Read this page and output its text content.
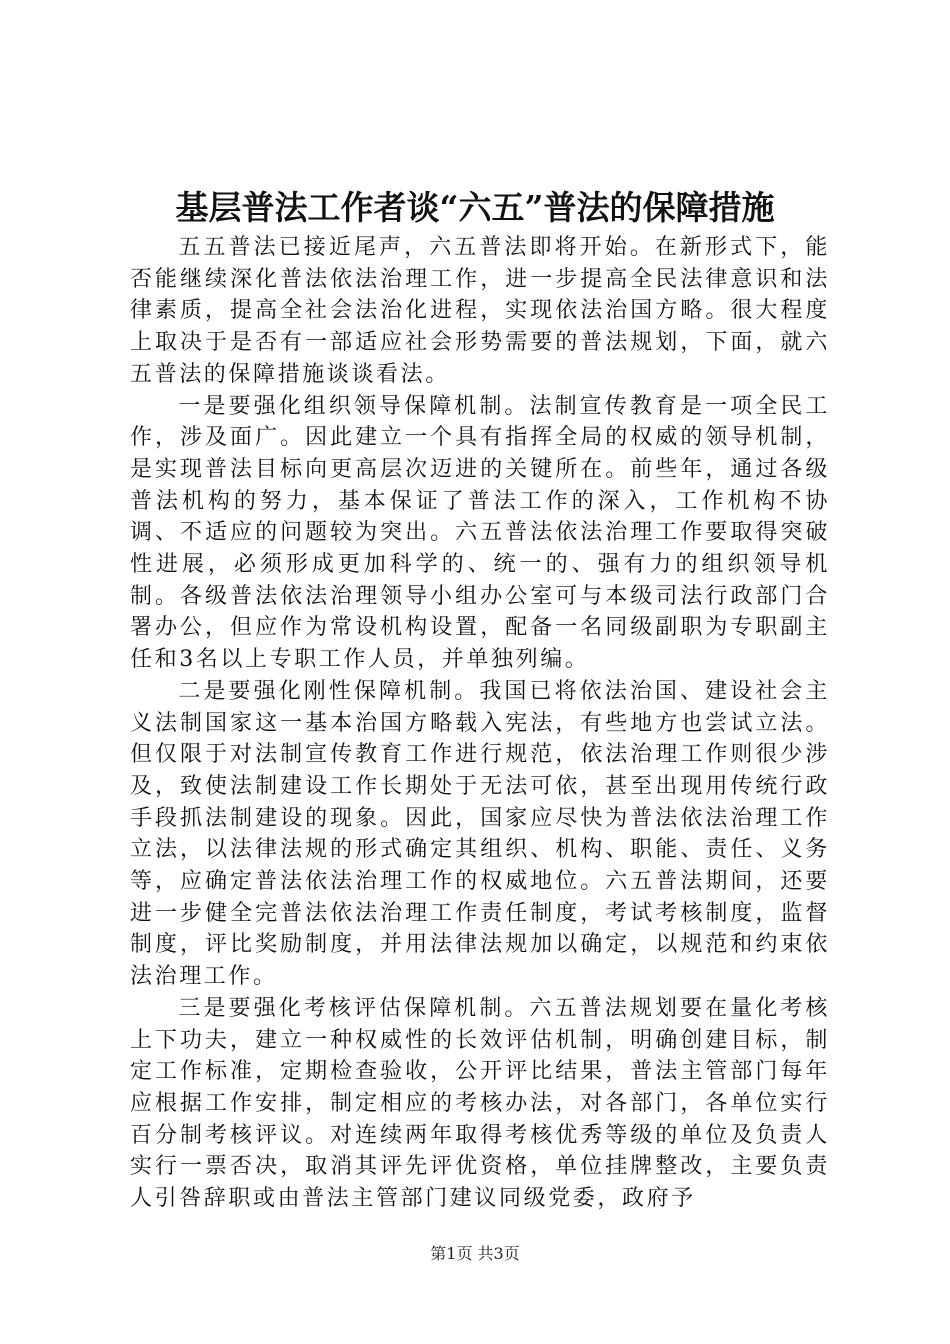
基层普法工作者谈“六五”普法的保障措施

五五普法已接近尾声，六五普法即将开始。在新形式下，能否能继续深化普法依法治理工作，进一步提高全民法律意识和法律素质，提高全社会法治化进程，实现依法治国方略。很大程度上取决于是否有一部适应社会形势需要的普法规划，下面，就六五普法的保障措施谈谈看法。

一是要强化组织领导保障机制。法制宣传教育是一项全民工作，涉及面广。因此建立一个具有指挥全局的权威的领导机制，是实现普法目标向更高层次迈进的关键所在。前些年，通过各级普法机构的努力，基本保证了普法工作的深入，工作机构不协调、不适应的问题较为突出。六五普法依法治理工作要取得突破性进展，必须形成更加科学的、统一的、强有力的组织领导机制。各级普法依法治理领导小组办公室可与本级司法行政部门合署办公，但应作为常设机构设置，配备一名同级副职为专职副主任和3名以上专职工作人员，并单独列编。

二是要强化刚性保障机制。我国已将依法治国、建设社会主义法制国家这一基本治国方略载入宪法，有些地方也尝试立法。但仅限于对法制宣传教育工作进行规范，依法治理工作则很少涉及，致使法制建设工作长期处于无法可依，甚至出现用传统行政手段抓法制建设的现象。因此，国家应尽快为普法依法治理工作立法，以法律法规的形式确定其组织、机构、职能、责任、义务等，应确定普法依法治理工作的权威地位。六五普法期间，还要进一步健全完普法依法治理工作责任制度，考试考核制度，监督制度，评比奖励制度，并用法律法规加以确定，以规范和约束依法治理工作。

三是要强化考核评估保障机制。六五普法规划要在量化考核上下功夫，建立一种权威性的长效评估机制，明确创建目标，制定工作标准，定期检查验收，公开评比结果，普法主管部门每年应根据工作安排，制定相应的考核办法，对各部门，各单位实行百分制考核评议。对连续两年取得考核优秀等级的单位及负责人实行一票否决，取消其评先评优资格，单位挂牌整改，主要负责人引咎辞职或由普法主管部门建议同级党委，政府予

第1页 共3页
